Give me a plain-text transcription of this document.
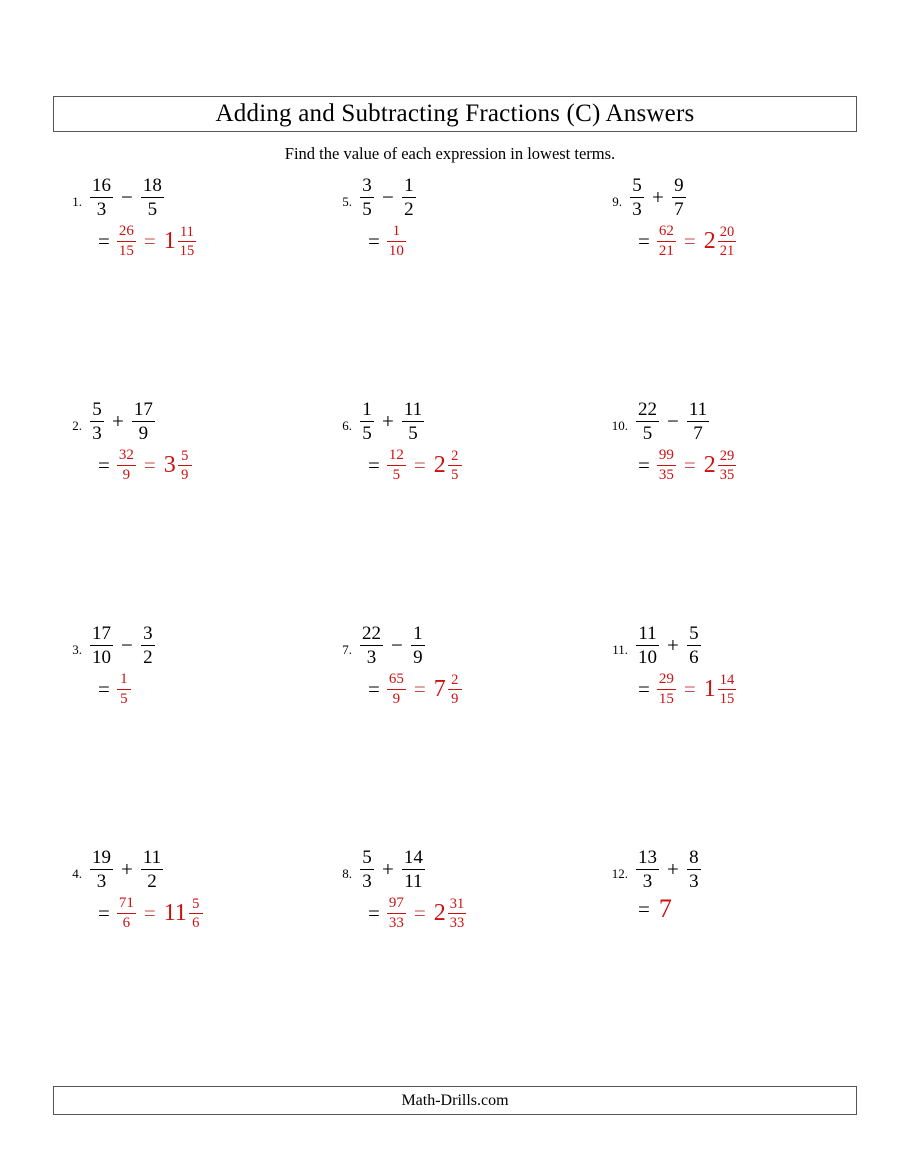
Adding and Subtracting Fractions (C) Answers
Find the value of each expression in lowest terms.
1. $\frac{16}{3} - \frac{18}{5}$
= $\frac{26}{15} = 1 \frac{11}{15}$
5. $\frac{3}{5} - \frac{1}{2}$
= $\frac{1}{10}$
9. $\frac{5}{3} + \frac{9}{7}$
= $\frac{62}{21} = 2 \frac{20}{21}$
2. $\frac{5}{3} + \frac{17}{9}$
= $\frac{32}{9} = 3 \frac{5}{9}$
6. $\frac{1}{5} + \frac{11}{5}$
= $\frac{12}{5} = 2 \frac{2}{5}$
10. $\frac{22}{5} - \frac{11}{7}$
= $\frac{99}{35} = 2 \frac{29}{35}$
3. $\frac{17}{10} - \frac{3}{2}$
= $\frac{1}{5}$
7. $\frac{22}{3} - \frac{1}{9}$
= $\frac{65}{9} = 7 \frac{2}{9}$
11. $\frac{11}{10} + \frac{5}{6}$
= $\frac{29}{15} = 1 \frac{14}{15}$
4. $\frac{19}{3} + \frac{11}{2}$
= $\frac{71}{6} = 11 \frac{5}{6}$
8. $\frac{5}{3} + \frac{14}{11}$
= $\frac{97}{33} = 2 \frac{31}{33}$
12. $\frac{13}{3} + \frac{8}{3}$
= 7
Math-Drills.com
